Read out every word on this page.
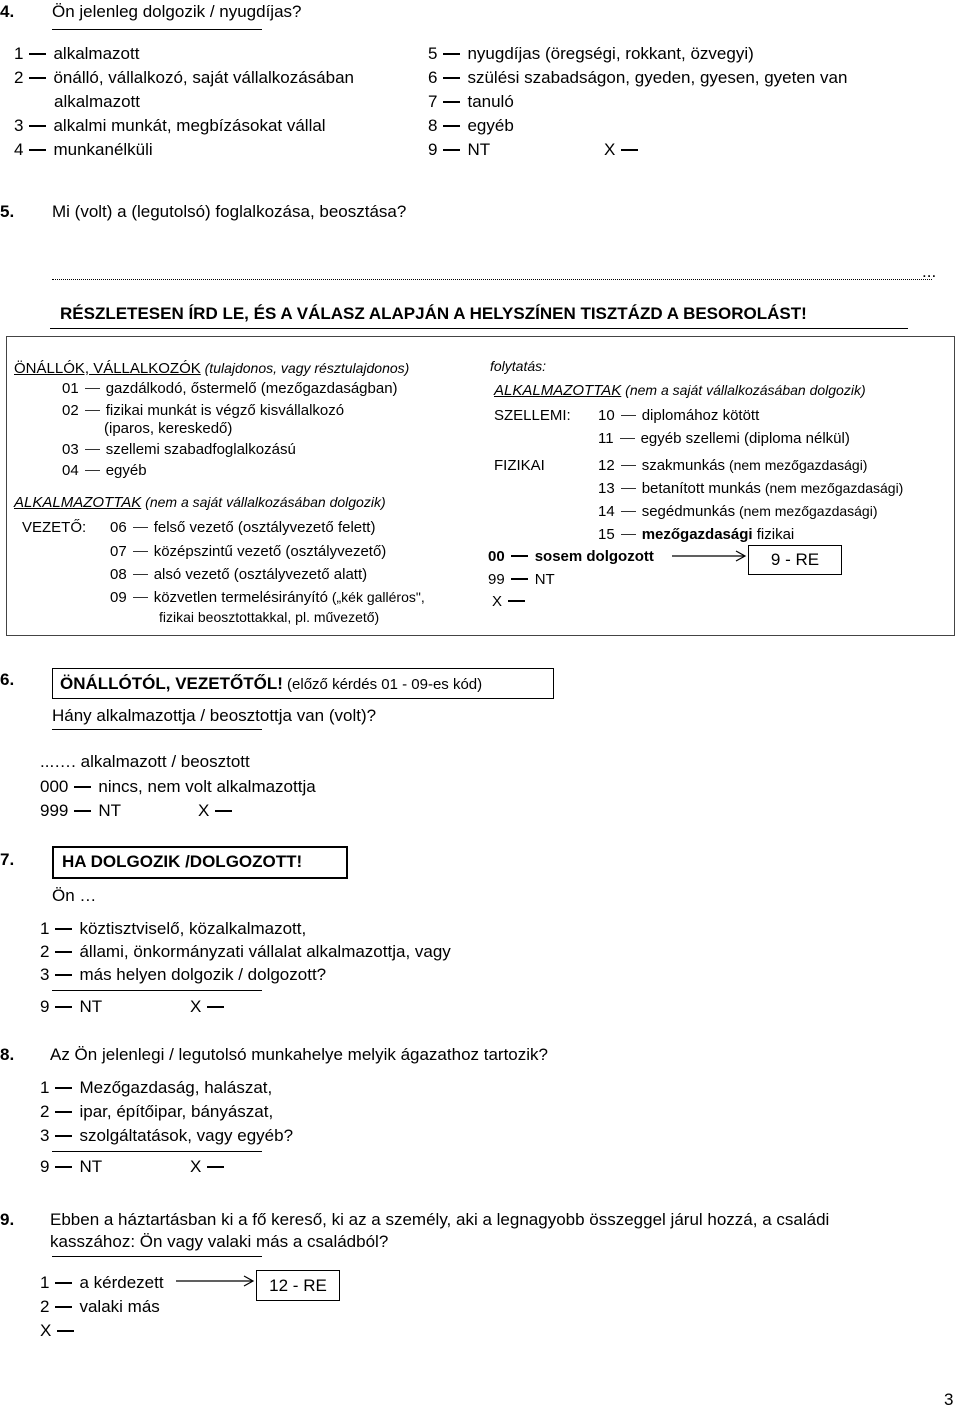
4. Ön jelenleg dolgozik / nyugdíjas?
1 alkalmazott
2 önálló, vállalkozó, saját vállalkozásában
alkalmazott
3 alkalmi munkát, megbízásokat vállal
4 munkanélküli
5 nyugdíjas (öregségi, rokkant, özvegyi)
6 szülési szabadságon, gyeden, gyesen, gyeten van
7 tanuló
8 egyéb
9 NT	X
5. Mi (volt) a (legutolsó) foglalkozása, beosztása?
...
RÉSZLETESEN ÍRD LE, ÉS A VÁLASZ ALAPJÁN A HELYSZÍNEN TISZTÁZD A BESOROLÁST!
ÖNÁLLÓK, VÁLLALKOZÓK (tulajdonos, vagy résztulajdonos)
01 gazdálkodó, őstermelő (mezőgazdaságban)
02 fizikai munkát is végző kisvállalkozó
(iparos, kereskedő)
03 szellemi szabadfoglalkozású
04 egyéb
ALKALMAZOTTAK (nem a saját vállalkozásában dolgozik)
VEZETŐ: 06 felső vezető (osztályvezető felett)
07 középszintű vezető (osztályvezető)
08 alsó vezető (osztályvezető alatt)
09 közvetlen termelésirányító („kék galléros",
fizikai beosztottakkal, pl. művezető)
folytatás:
ALKALMAZOTTAK (nem a saját vállalkozásában dolgozik)
SZELLEMI: 10 diplomához kötött
11 egyéb szellemi (diploma nélkül)
FIZIKAI	12 szakmunkás (nem mezőgazdasági)
13 betanított munkás (nem mezőgazdasági)
14 segédmunkás (nem mezőgazdasági)
15 mezőgazdasági fizikai
00 sosem dolgozott	9 - RE
99 NT
X
6.	ÖNÁLLÓTÓL, VEZETŐTŐL! (előző kérdés 01 - 09-es kód)
Hány alkalmazottja / beosztottja van (volt)?
...…. alkalmazott / beosztott
000 nincs, nem volt alkalmazottja
999 NT	X
7.	HA DOLGOZIK /DOLGOZOTT!
Ön …
1 köztisztviselő, közalkalmazott,
2 állami, önkormányzati vállalat alkalmazottja, vagy
3 más helyen dolgozik / dolgozott?
9 NT	X
8. Az Ön jelenlegi / legutolsó munkahelye melyik ágazathoz tartozik?
1 Mezőgazdaság, halászat,
2 ipar, építőipar, bányászat,
3 szolgáltatások, vagy egyéb?
9 NT	X
9. Ebben a háztartásban ki a fő kereső, ki az a személy, aki a legnagyobb összeggel járul hozzá, a családi
kasszához: Ön vagy valaki más a családból?
1 a kérdezett	12 - RE
2 valaki más
X
3
